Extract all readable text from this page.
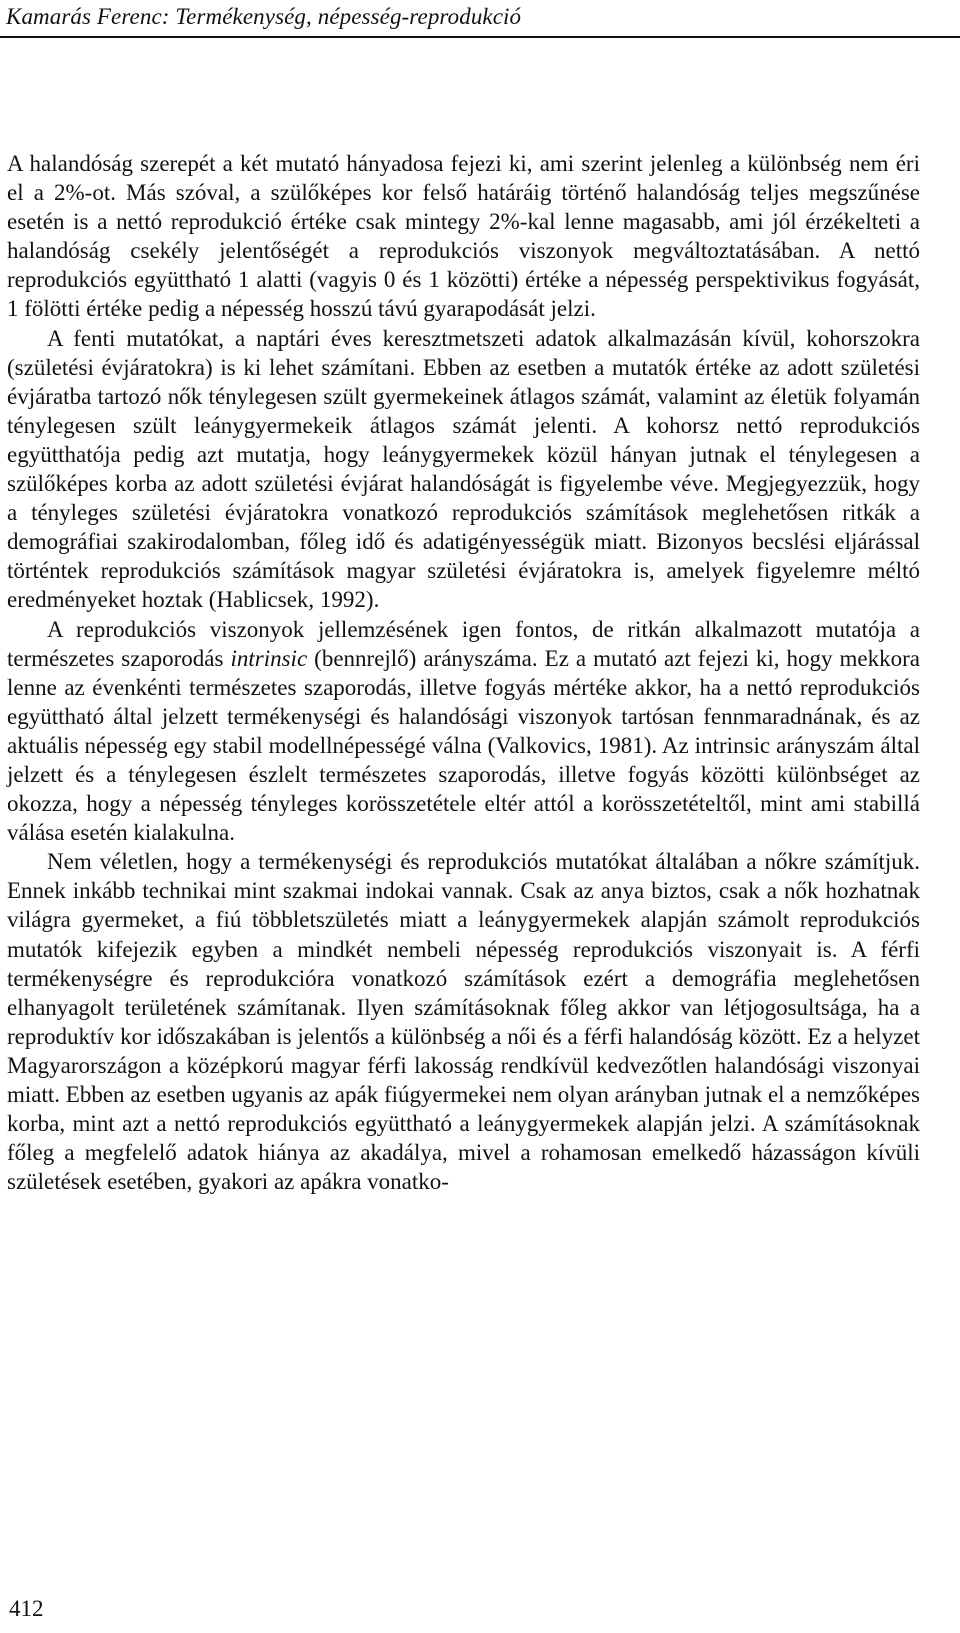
Kamarás Ferenc: Termékenység, népesség-reprodukció

A halandóság szerepét a két mutató hányadosa fejezi ki, ami szerint jelenleg a különbség nem éri el a 2%-ot. Más szóval, a szülőképes kor felső határáig történő halandóság teljes megszűnése esetén is a nettó reprodukció értéke csak mintegy 2%-kal lenne magasabb, ami jól érzékelteti a halandóság csekély jelentőségét a reprodukciós viszonyok megváltoztatásában. A nettó reprodukciós együttható 1 alatti (vagyis 0 és 1 közötti) értéke a népesség perspektivikus fogyását, 1 fölötti értéke pedig a népesség hosszú távú gyarapodását jelzi.

A fenti mutatókat, a naptári éves keresztmetszeti adatok alkalmazásán kívül, kohorszokra (születési évjáratokra) is ki lehet számítani. Ebben az esetben a mutatók értéke az adott születési évjáratba tartozó nők ténylegesen szült gyermekeinek átlagos számát, valamint az életük folyamán ténylegesen szült leánygyermekeik átlagos számát jelenti. A kohorsz nettó reprodukciós együtthatója pedig azt mutatja, hogy leánygyermekek közül hányan jutnak el ténylegesen a szülőképes korba az adott születési évjárat halandóságát is figyelembe véve. Megjegyezzük, hogy a tényleges születési évjáratokra vonatkozó reprodukciós számítások meglehetősen ritkák a demográfiai szakirodalomban, főleg idő és adatigényességük miatt. Bizonyos becslési eljárással történtek reprodukciós számítások magyar születési évjáratokra is, amelyek figyelemre méltó eredményeket hoztak (Hablicsek, 1992).

A reprodukciós viszonyok jellemzésének igen fontos, de ritkán alkalmazott mutatója a természetes szaporodás intrinsic (bennrejlő) arányszáma. Ez a mutató azt fejezi ki, hogy mekkora lenne az évenkénti természetes szaporodás, illetve fogyás mértéke akkor, ha a nettó reprodukciós együttható által jelzett termékenységi és halandósági viszonyok tartósan fennmaradnának, és az aktuális népesség egy stabil modellnépességé válna (Valkovics, 1981). Az intrinsic arányszám által jelzett és a ténylegesen észlelt természetes szaporodás, illetve fogyás közötti különbséget az okozza, hogy a népesség tényleges korösszetétele eltér attól a korösszetételtől, mint ami stabillá válása esetén kialakulna.

Nem véletlen, hogy a termékenységi és reprodukciós mutatókat általában a nőkre számítjuk. Ennek inkább technikai mint szakmai indokai vannak. Csak az anya biztos, csak a nők hozhatnak világra gyermeket, a fiú többletszületés miatt a leánygyermekek alapján számolt reprodukciós mutatók kifejezik egyben a mindkét nembeli népesség reprodukciós viszonyait is. A férfi termékenységre és reprodukcióra vonatkozó számítások ezért a demográfia meglehetősen elhanyagolt területének számítanak. Ilyen számításoknak főleg akkor van létjogosultsága, ha a reproduktív kor időszakában is jelentős a különbség a női és a férfi halandóság között. Ez a helyzet Magyarországon a középkorú magyar férfi lakosság rendkívül kedvezőtlen halandósági viszonyai miatt. Ebben az esetben ugyanis az apák fiúgyermekei nem olyan arányban jutnak el a nemzőképes korba, mint azt a nettó reprodukciós együttható a leánygyermekek alapján jelzi. A számításoknak főleg a megfelelő adatok hiánya az akadálya, mivel a rohamosan emelkedő házasságon kívüli születések esetében, gyakori az apákra vonatko-

412
